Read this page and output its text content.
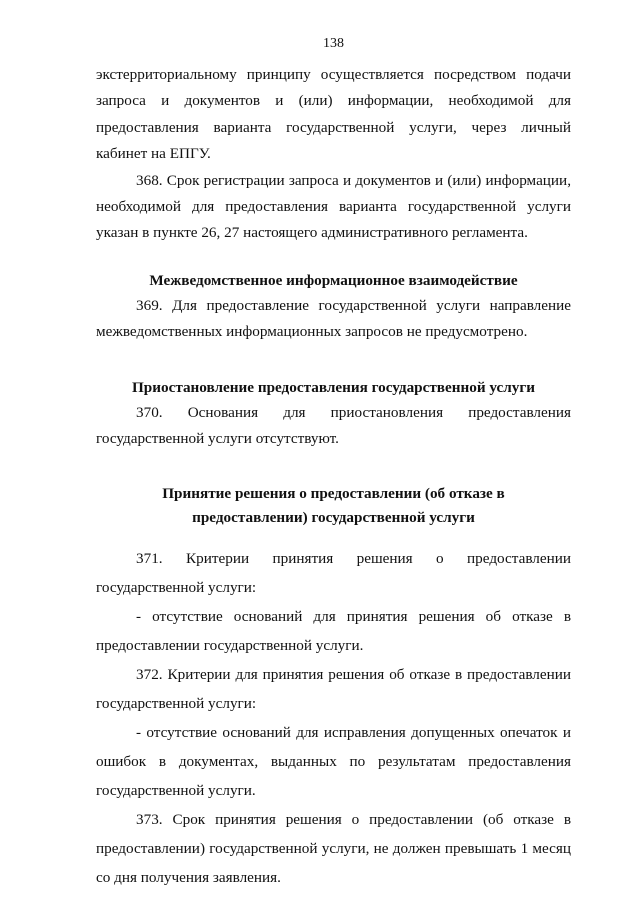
138

экстерриториальному принципу осуществляется посредством подачи запроса и документов и (или) информации, необходимой для предоставления варианта государственной услуги, через личный кабинет на ЕПГУ.

368. Срок регистрации запроса и документов и (или) информации, необходимой для предоставления варианта государственной услуги указан в пункте 26, 27 настоящего административного регламента.

Межведомственное информационное взаимодействие

369. Для предоставление государственной услуги направление межведомственных информационных запросов не предусмотрено.

Приостановление предоставления государственной услуги

370. Основания для приостановления предоставления государственной услуги отсутствуют.

Принятие решения о предоставлении (об отказе в
предоставлении) государственной услуги

371. Критерии принятия решения о предоставлении государственной услуги:

- отсутствие оснований для принятия решения об отказе в предоставлении государственной услуги.

372. Критерии для принятия решения об отказе в предоставлении государственной услуги:

- отсутствие оснований для исправления допущенных опечаток и ошибок в документах, выданных по результатам предоставления государственной услуги.

373. Срок принятия решения о предоставлении (об отказе в предоставлении) государственной услуги, не должен превышать 1 месяц со дня получения заявления.
